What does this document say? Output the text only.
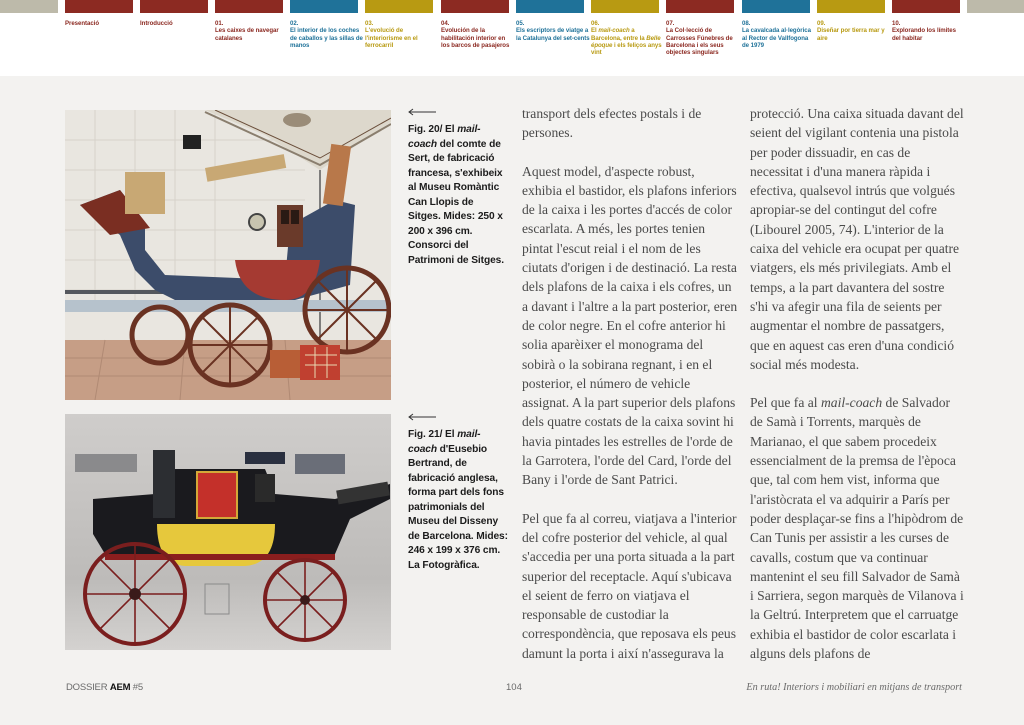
Presentació	Introducció	01.
Les caixes de navegar catalanes
02.
El interior de los coches de caballos y las sillas de manos
03.
L'evolució de l'interiorisme en el ferrocarril
04.
Evolución de la habilitación interior en los barcos de pasajeros
05.
Els escriptors de viatge a la Catalunya del set-cents
06.
El mail-coach a Barcelona, entre la Belle époque i els feliços anys vint
07.
La Col·lecció de Carrosses Fúnebres de Barcelona i els seus objectes singulars
08.
La cavalcada al·legòrica al Rector de Vallfogona de 1979
09.
Diseñar por tierra mar y aire
10.
Explorando los límites del habitar

Fig. 20/ El mail-coach del comte de Sert, de fabricació francesa, s'exhibeix al Museu Romàntic Can Llopis de Sitges. Mides: 250 x 200 x 396 cm. Consorci del Patrimoni de Sitges.

Fig. 21/ El mail-coach d'Eusebio Bertrand, de fabricació anglesa, forma part dels fons patrimonials del Museu del Disseny de Barcelona. Mides: 246 x 199 x 376 cm. La Fotogràfica.

transport dels efectes postals i de persones.

Aquest model, d'aspecte robust, exhibia el bastidor, els plafons inferiors de la caixa i les portes d'accés de color escarlata. A més, les portes tenien pintat l'escut reial i el nom de les ciutats d'origen i de destinació. La resta dels plafons de la caixa i els cofres, un a davant i l'altre a la part posterior, eren de color negre. En el cofre anterior hi solia aparèixer el monograma del sobirà o la sobirana regnant, i en el posterior, el número de vehicle assignat. A la part superior dels plafons dels quatre costats de la caixa sovint hi havia pintades les estrelles de l'orde de la Garrotera, l'orde del Card, l'orde del Bany i l'orde de Sant Patrici.

Pel que fa al correu, viatjava a l'interior del cofre posterior del vehicle, al qual s'accedia per una porta situada a la part superior del receptacle. Aquí s'ubicava el seient de ferro on viatjava el responsable de custodiar la correspondència, que reposava els peus damunt la porta i així n'assegurava la

protecció. Una caixa situada davant del seient del vigilant contenia una pistola per poder dissuadir, en cas de necessitat i d'una manera ràpida i efectiva, qualsevol intrús que volgués apropiar-se del contingut del cofre (Libourel 2005, 74). L'interior de la caixa del vehicle era ocupat per quatre viatgers, els més privilegiats. Amb el temps, a la part davantera del sostre s'hi va afegir una fila de seients per augmentar el nombre de passatgers, que en aquest cas eren d'una condició social més modesta.

Pel que fa al mail-coach de Salvador de Samà i Torrents, marquès de Marianao, el que sabem procedeix essencialment de la premsa de l'època que, tal com hem vist, informa que l'aristòcrata el va adquirir a París per poder desplaçar-se fins a l'hipòdrom de Can Tunis per assistir a les curses de cavalls, costum que va continuar mantenint el seu fill Salvador de Samà i Sarriera, segon marquès de Vilanova i la Geltrú. Interpretem que el carruatge exhibia el bastidor de color escarlata i alguns dels plafons de

DOSSIER AEM #5	104	En ruta! Interiors i mobiliari en mitjans de transport
